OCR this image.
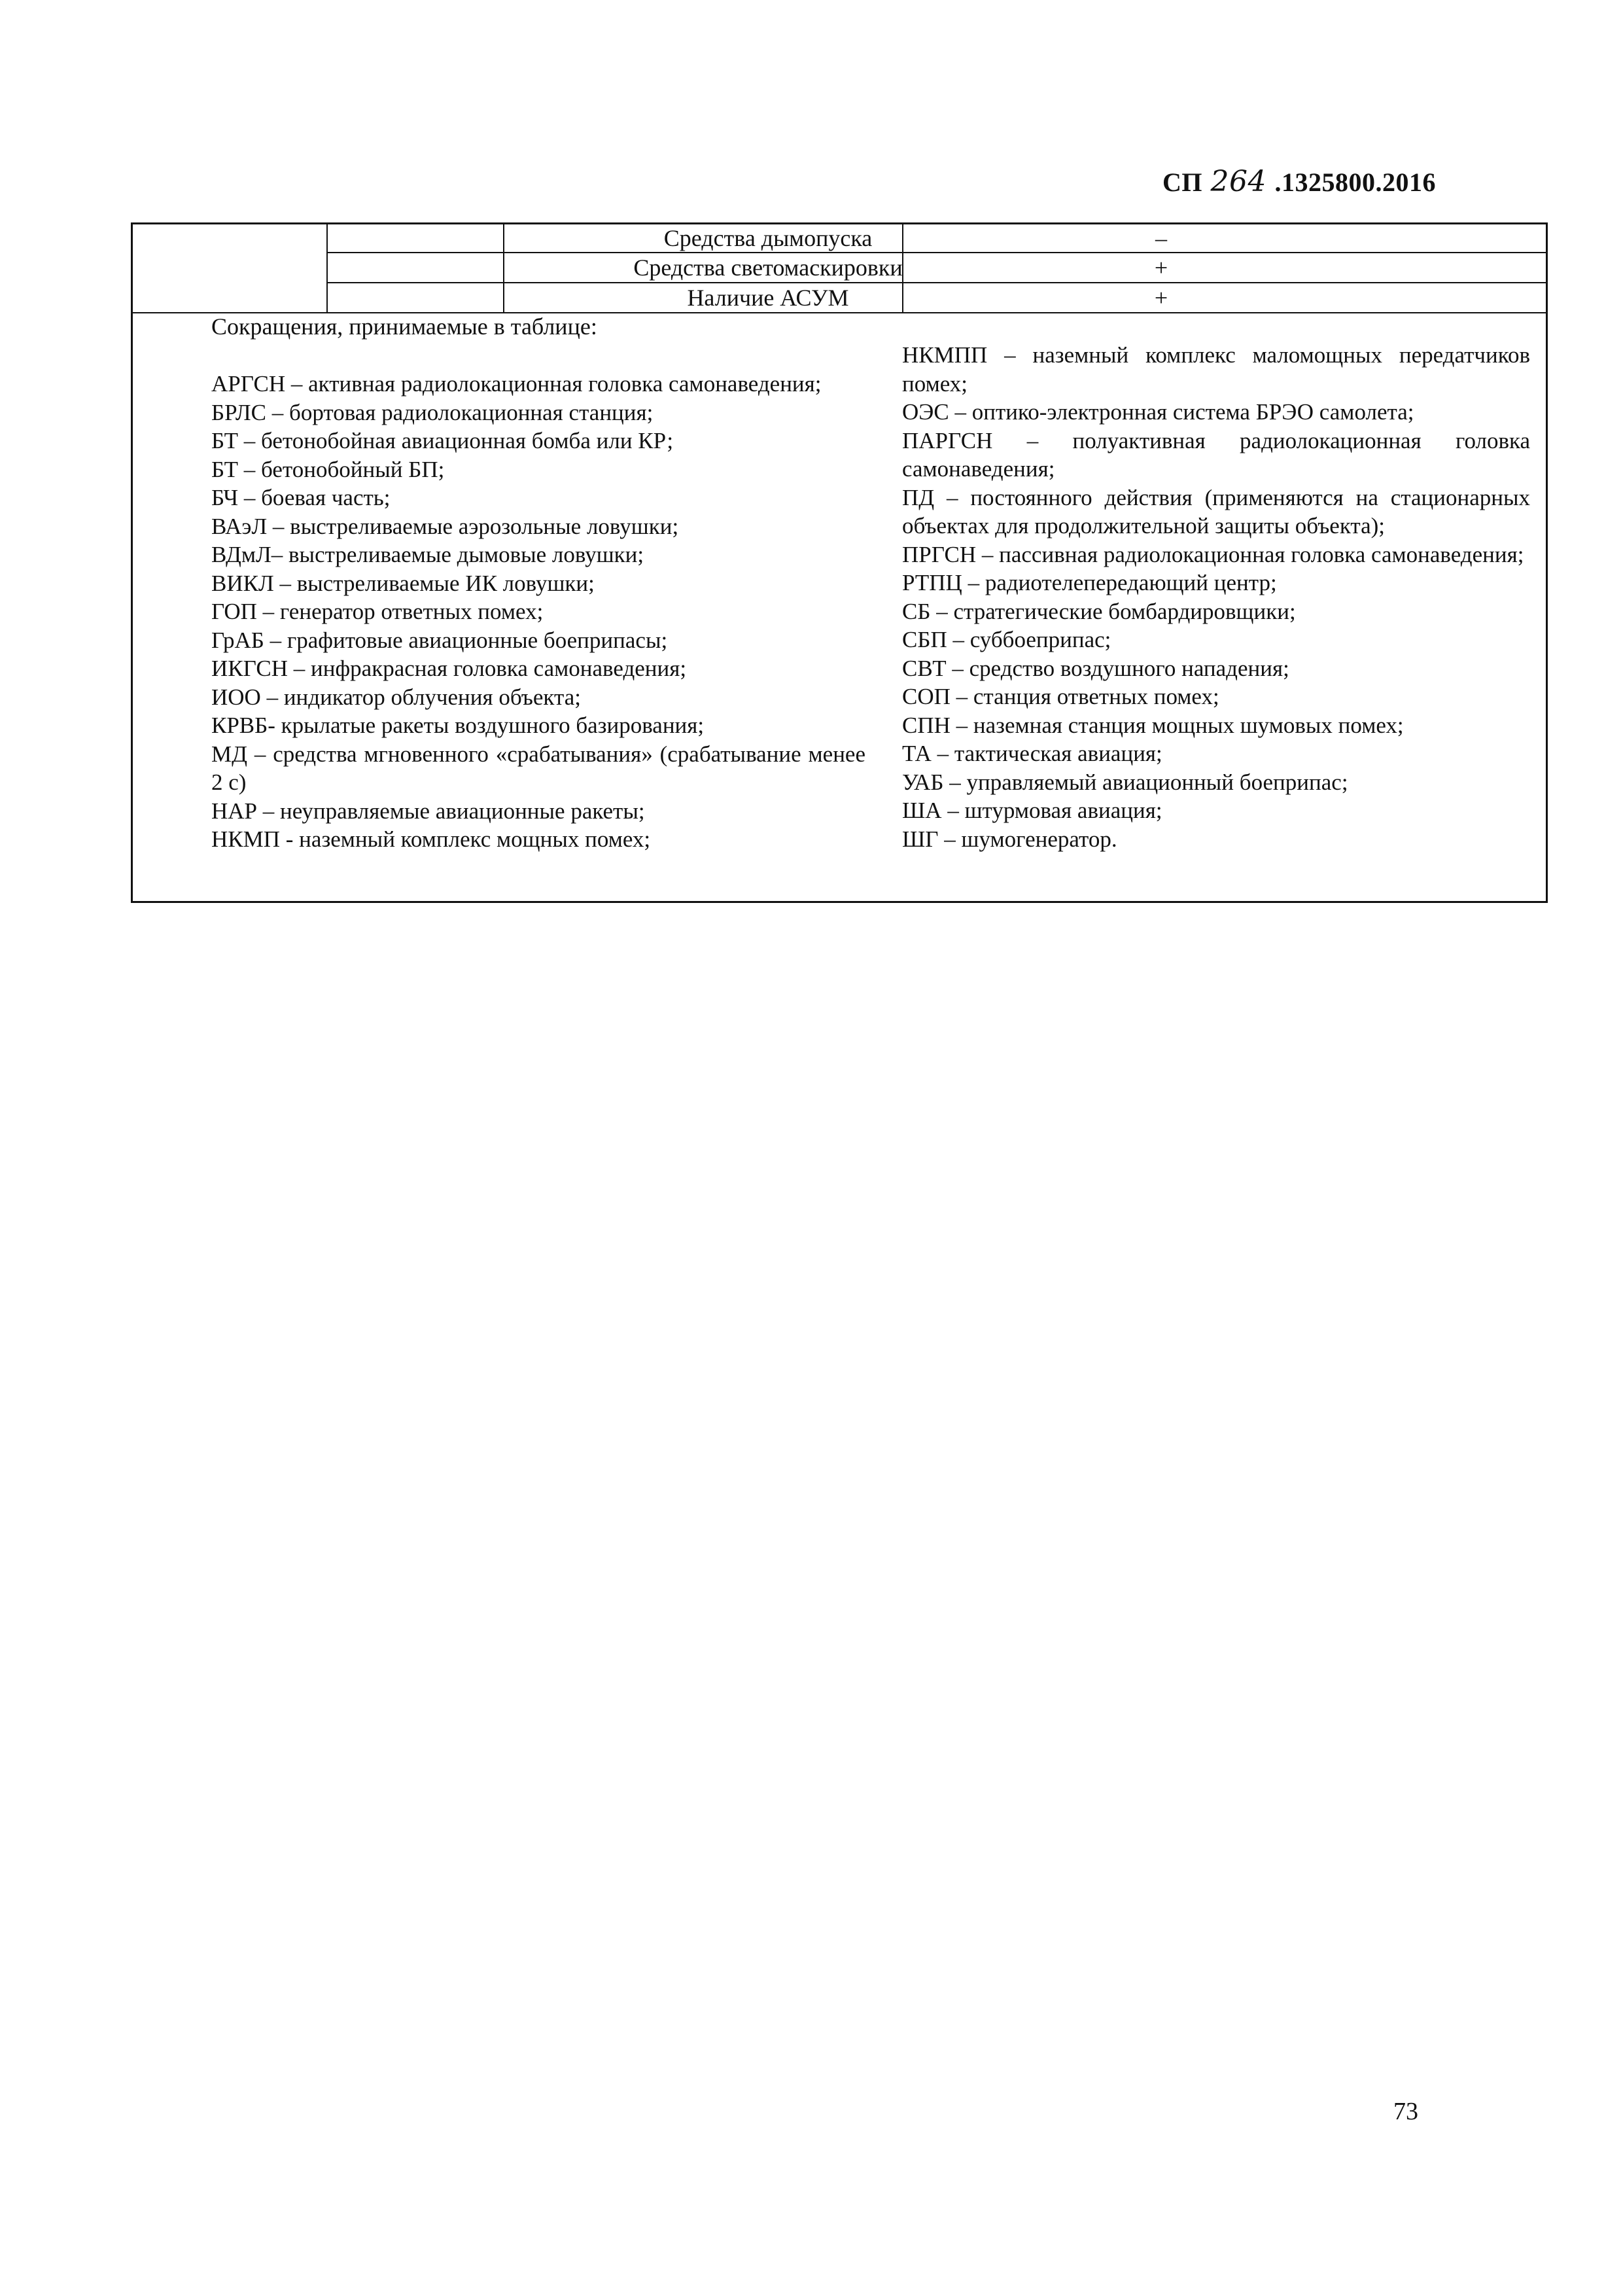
СП 264 .1325800.2016
Средства дымопуска	–
Средства светомаскировки	+
Наличие АСУМ	+
Сокращения, принимаемые в таблице:

АРГСН – активная радиолокационная головка самонаведения;

БРЛС – бортовая радиолокационная станция;

БТ – бетонобойная авиационная бомба или КР;

БТ – бетонобойный БП;

БЧ – боевая часть;

ВАэЛ – выстреливаемые аэрозольные ловушки;

ВДмЛ– выстреливаемые дымовые ловушки;

ВИКЛ – выстреливаемые ИК ловушки;

ГОП – генератор ответных помех;

ГрАБ – графитовые авиационные боеприпасы;

ИКГСН – инфракрасная головка самонаведения;

ИОО – индикатор облучения объекта;

КРВБ- крылатые ракеты воздушного базирования;

МД – средства мгновенного «срабатывания» (срабатывание менее 2 с)

НАР – неуправляемые авиационные ракеты;

НКМП - наземный комплекс мощных помех;

НКМПП – наземный комплекс маломощных передатчиков помех;

ОЭС – оптико-электронная система БРЭО самолета;

ПАРГСН – полуактивная радиолокационная головка самонаведения;

ПД – постоянного действия (применяются на стационарных объектах для продолжительной защиты объекта);

ПРГСН – пассивная радиолокационная головка самонаведения;

РТПЦ – радиотелепередающий центр;

СБ – стратегические бомбардировщики;

СБП – суббоеприпас;

СВТ – средство воздушного нападения;

СОП – станция ответных помех;

СПН – наземная станция мощных шумовых помех;

ТА – тактическая авиация;

УАБ – управляемый авиационный боеприпас;

ША – штурмовая авиация;

ШГ – шумогенератор.

73
